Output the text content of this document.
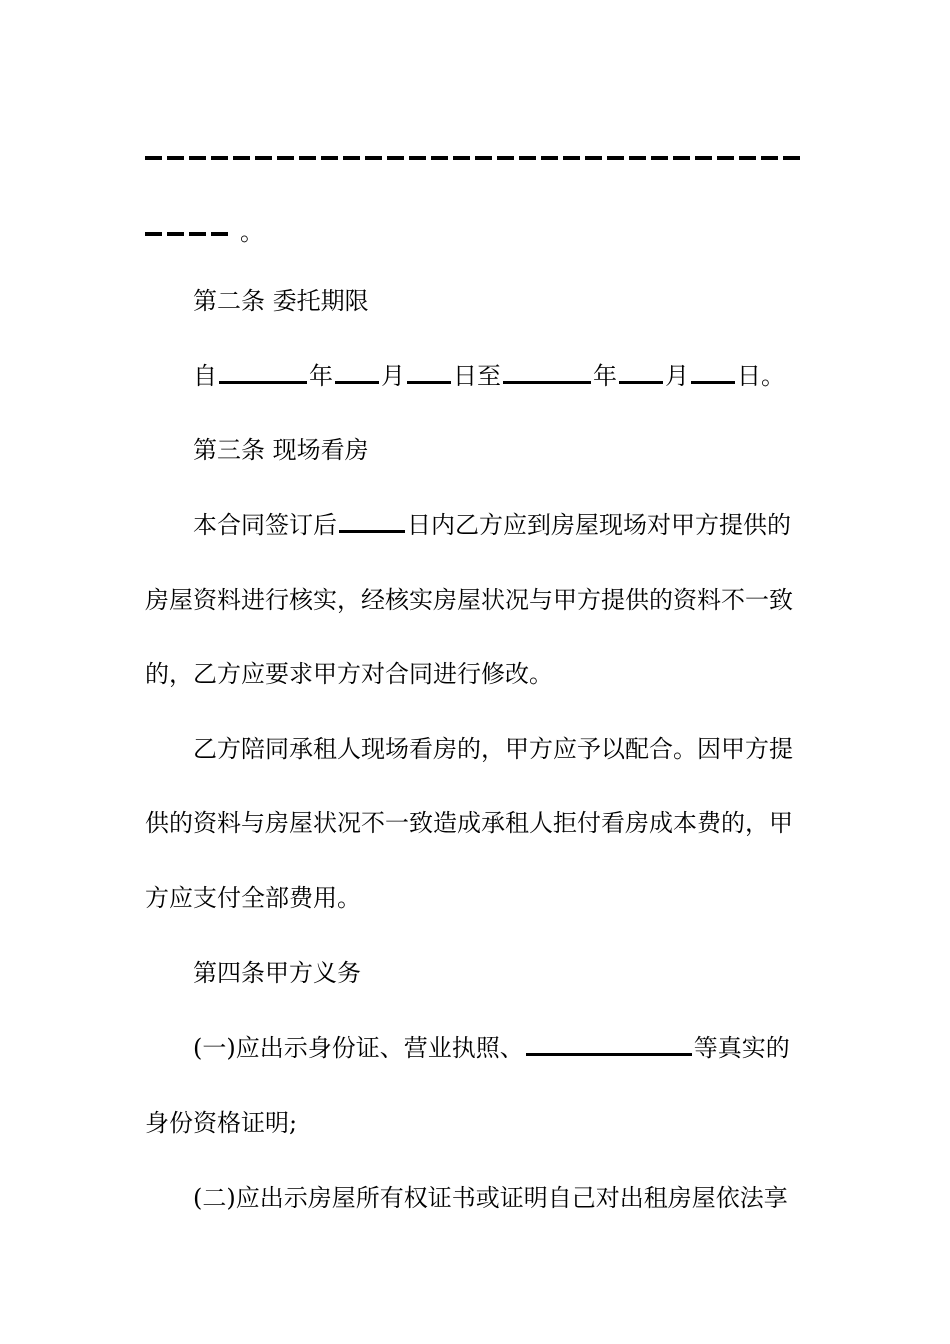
。
第二条 委托期限
自	年 月 日至	年 月 日。
第三条 现场看房
本合同签订后	日内乙方应到房屋现场对甲方提供的
房屋资料进行核实，经核实房屋状况与甲方提供的资料不一致
的，乙方应要求甲方对合同进行修改。
乙方陪同承租人现场看房的，甲方应予以配合。因甲方提
供的资料与房屋状况不一致造成承租人拒付看房成本费的，甲
方应支付全部费用。
第四条甲方义务
(一)应出示身份证、营业执照、	等真实的
身份资格证明;
(二)应出示房屋所有权证书或证明自己对出租房屋依法享
